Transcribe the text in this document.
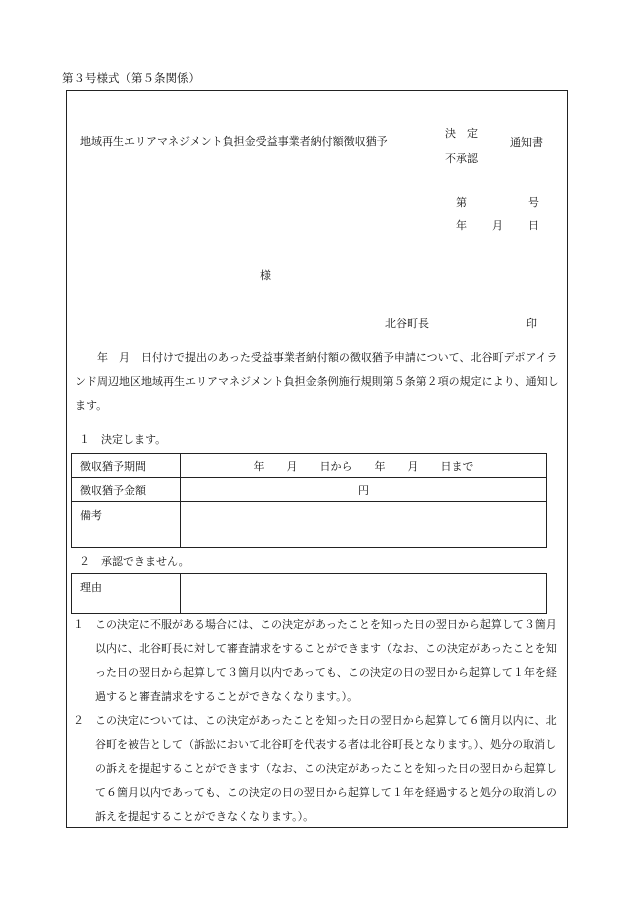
第３号様式（第５条関係）
地域再生エリアマネジメント負担金受益事業者納付額徴収猶予
決　定
不承認
通知書
第	号
年 月 日
様
北谷町長	印
年　月　日付けで提出のあった受益事業者納付額の徴収猶予申請について、北谷町デポアイランド周辺地区地域再生エリアマネジメント負担金条例施行規則第５条第２項の規定により、通知します。
１　決定します。
徴収猶予期間	年　　月　　日から　　年　　月　　日まで
徴収猶予金額	円
備考	
２　承認できません。
理由	
１　この決定に不服がある場合には、この決定があったことを知った日の翌日から起算して３箇月以内に、北谷町長に対して審査請求をすることができます（なお、この決定があったことを知った日の翌日から起算して３箇月以内であっても、この決定の日の翌日から起算して１年を経過すると審査請求をすることができなくなります。）。
２　この決定については、この決定があったことを知った日の翌日から起算して６箇月以内に、北谷町を被告として（訴訟において北谷町を代表する者は北谷町長となります。）、処分の取消しの訴えを提起することができます（なお、この決定があったことを知った日の翌日から起算して６箇月以内であっても、この決定の日の翌日から起算して１年を経過すると処分の取消しの訴えを提起することができなくなります。）。
